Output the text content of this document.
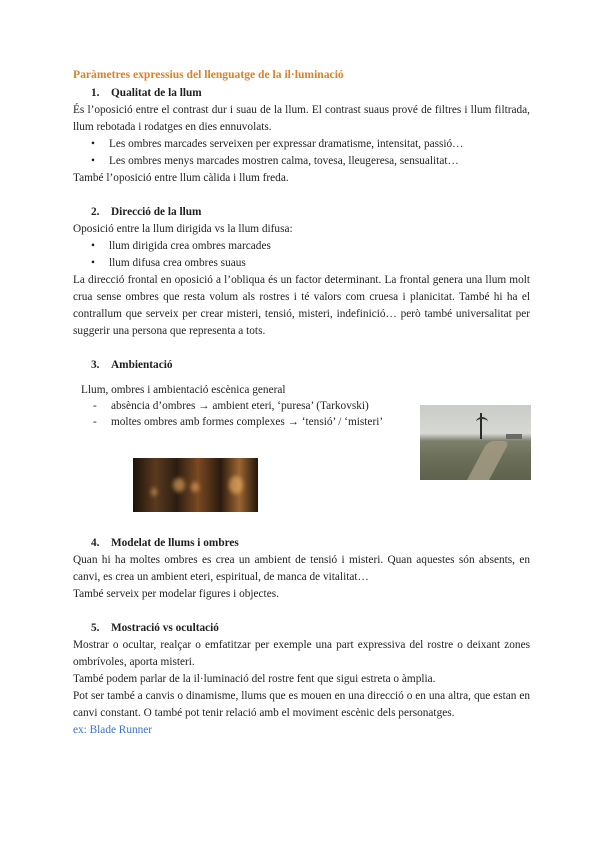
Paràmetres expressius del llenguatge de la il·luminació
1. Qualitat de la llum

És l’oposició entre el contrast dur i suau de la llum. El contrast suaus prové de filtres i llum filtrada, llum rebotada i rodatges en dies ennuvolats.

• Les ombres marcades serveixen per expressar dramatisme, intensitat, passió…
• Les ombres menys marcades mostren calma, tovesa, lleugeresa, sensualitat…

També l’oposició entre llum càlida i llum freda.

2. Direcció de la llum

Oposició entre la llum dirigida vs la llum difusa:

• llum dirigida crea ombres marcades
• llum difusa crea ombres suaus

La direcció frontal en oposició a l’obliqua és un factor determinant. La frontal genera una llum molt crua sense ombres que resta volum als rostres i té valors com cruesa i planicitat. També hi ha el contrallum que serveix per crear misteri, tensió, misteri, indefinició… però també universalitat per suggerir una persona que representa a tots.

3. Ambientació

Llum, ombres i ambientació escènica general

- absència d’ombres → ambient eteri, ‘puresa’ (Tarkovski)
- moltes ombres amb formes complexes → ‘tensió’ / ‘misteri’
4. Modelat de llums i ombres

Quan hi ha moltes ombres es crea un ambient de tensió i misteri. Quan aquestes són absents, en canvi, es crea un ambient eteri, espiritual, de manca de vitalitat…

També serveix per modelar figures i objectes.

5. Mostració vs ocultació

Mostrar o ocultar, realçar o emfatitzar per exemple una part expressiva del rostre o deixant zones ombrívoles, aporta misteri.

També podem parlar de la il·luminació del rostre fent que sigui estreta o àmplia.

Pot ser també a canvis o dinamisme, llums que es mouen en una direcció o en una altra, que estan en canvi constant. O també pot tenir relació amb el moviment escènic dels personatges.

ex: Blade Runner
